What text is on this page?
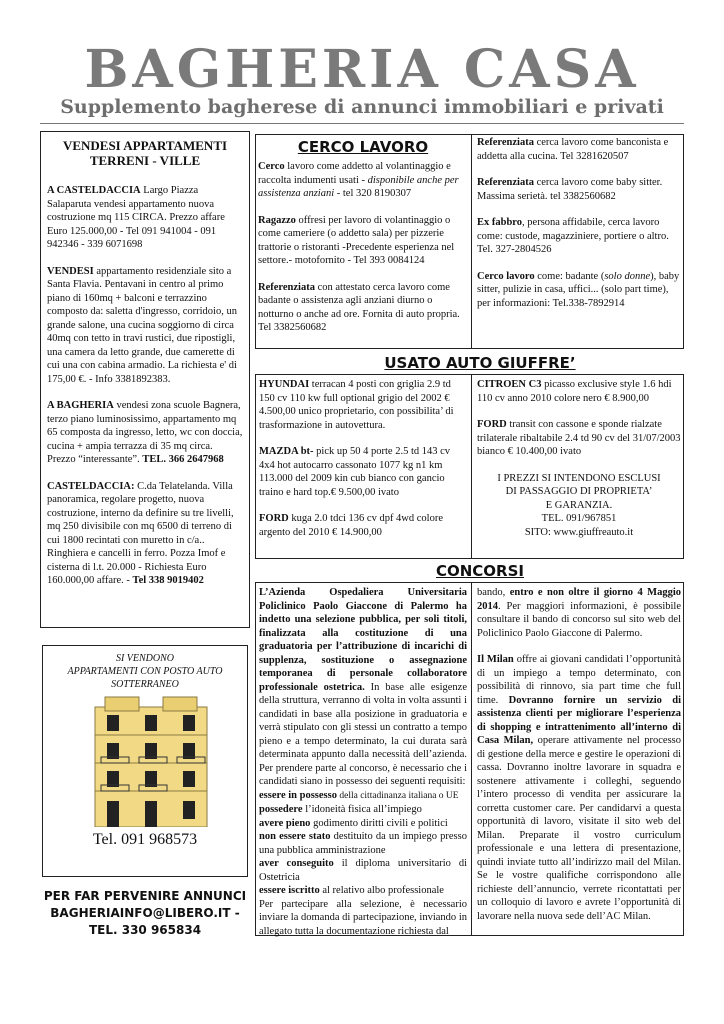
BAGHERIA CASA
Supplemento bagherese di annunci immobiliari e privati
VENDESI APPARTAMENTI TERRENI - VILLE

A CASTELDACCIA Largo Piazza Salaparuta vendesi appartamento nuova costruzione mq 115 CIRCA. Prezzo affare Euro 125.000,00 - Tel 091 941004 - 091 942346 - 339 6071698

VENDESI appartamento residenziale sito a Santa Flavia. Pentavani in centro al primo piano di 160mq + balconi e terrazzino composto da: saletta d'ingresso, corridoio, un grande salone, una cucina soggiorno di circa 40mq con tetto in travi rustici, due ripostigli, una camera da letto grande, due camerette di cui una con cabina armadio. La richiesta e' di 175,00 €. - Info 3381892383.

A BAGHERIA vendesi zona scuole Bagnera, terzo piano luminosissimo, appartamento mq 65 composta da ingresso, letto, wc con doccia, cucina + ampia terrazza di 35 mq circa. Prezzo “interessante”. TEL. 366 2647968

CASTELDACCIA: C.da Telatelanda. Villa panoramica, regolare progetto, nuova costruzione, interno da definire su tre livelli, mq 250 divisibile con mq 6500 di terreno di cui 1800 recintati con muretto in c/a.. Ringhiera e cancelli in ferro. Pozza Imof e cisterna di l.t. 20.000 - Richiesta Euro 160.000,00 affare. - Tel 338 9019402

SI VENDONO
APPARTAMENTI CON POSTO AUTO
SOTTERRANEO
Tel. 091 968573
PER FAR PERVENIRE ANNUNCI
BAGHERIAINFO@LIBERO.IT -
TEL. 330 965834
CERCO LAVORO

Cerco lavoro come addetto al volantinaggio e raccolta indumenti usati - disponibile anche per assistenza anziani - tel 320 8190307

Ragazzo offresi per lavoro di volantinaggio o come cameriere (o addetto sala) per pizzerie trattorie o ristoranti -Precedente esperienza nel settore.- motofornito - Tel 393 0084124

Referenziata con attestato cerca lavoro come badante o assistenza agli anziani diurno o notturno o anche ad ore. Fornita di auto propria. Tel 3382560682

Referenziata cerca lavoro come banconista e addetta alla cucina. Tel 3281620507

Referenziata cerca lavoro come baby sitter. Massima serietà. tel 3382560682

Ex fabbro, persona affidabile, cerca lavoro come: custode, magazziniere, portiere o altro. Tel. 327-2804526

Cerco lavoro come: badante (solo donne), baby sitter, pulizie in casa, uffici... (solo part time), per informazioni: Tel.338-7892914

USATO AUTO GIUFFRE’

HYUNDAI terracan 4 posti con griglia 2.9 td 150 cv 110 kw full optional grigio del 2002 € 4.500,00 unico proprietario, con possibilita’ di trasformazione in autovettura.

MAZDA bt- pick up 50 4 porte 2.5 td 143 cv 4x4 hot autocarro cassonato 1077 kg n1 km 113.000 del 2009 kin cub bianco con gancio traino e hard top.€ 9.500,00 ivato

FORD kuga 2.0 tdci 136 cv dpf 4wd colore argento del 2010 € 14.900,00

CITROEN C3 picasso exclusive style 1.6 hdi 110 cv anno 2010 colore nero € 8.900,00

FORD transit con cassone e sponde rialzate trilaterale ribaltabile 2.4 td 90 cv del 31/07/2003 bianco € 10.400,00 ivato

I PREZZI SI INTENDONO ESCLUSI

DI PASSAGGIO DI PROPRIETA’

E GARANZIA.

TEL. 091/967851

SITO: www.giuffreauto.it

CONCORSI

L’Azienda Ospedaliera Universitaria Policlinico Paolo Giaccone di Palermo ha indetto una selezione pubblica, per soli titoli, finalizzata alla costituzione di una graduatoria per l’attribuzione di incarichi di supplenza, sostituzione o assegnazione temporanea di personale collaboratore professionale ostetrica. In base alle esigenze della struttura, verranno di volta in volta assunti i candidati in base alla posizione in graduatoria e verrà stipulato con gli stessi un contratto a tempo pieno e a tempo determinato, la cui durata sarà determinata appunto dalla necessità dell’azienda. Per prendere parte al concorso, è necessario che i candidati siano in possesso dei seguenti requisiti:

essere in possesso della cittadinanza italiana o UE

possedere l’idoneità fisica all’impiego

avere pieno godimento diritti civili e politici

non essere stato destituito da un impiego presso una pubblica amministrazione

aver conseguito il diploma universitario di Ostetricia

essere iscritto al relativo albo professionale

Per partecipare alla selezione, è necessario inviare la domanda di partecipazione, inviando in allegato tutta la documentazione richiesta dal

bando, entro e non oltre il giorno 4 Maggio 2014. Per maggiori informazioni, è possibile consultare il bando di concorso sul sito web del Policlinico Paolo Giaccone di Palermo.

Il Milan offre ai giovani candidati l’opportunità di un impiego a tempo determinato, con possibilità di rinnovo, sia part time che full time. Dovranno fornire un servizio di assistenza clienti per migliorare l’esperienza di shopping e intrattenimento all’interno di Casa Milan, operare attivamente nel processo di gestione della merce e gestire le operazioni di cassa. Dovranno inoltre lavorare in squadra e sostenere attivamente i colleghi, seguendo l’intero processo di vendita per assicurare la corretta customer care. Per candidarvi a questa opportunità di lavoro, visitate il sito web del Milan. Preparate il vostro curriculum professionale e una lettera di presentazione, quindi inviate tutto all’indirizzo mail del Milan. Se le vostre qualifiche corrispondono alle richieste dell’annuncio, verrete ricontattati per un colloquio di lavoro e avrete l’opportunità di lavorare nella nuova sede dell’AC Milan.
